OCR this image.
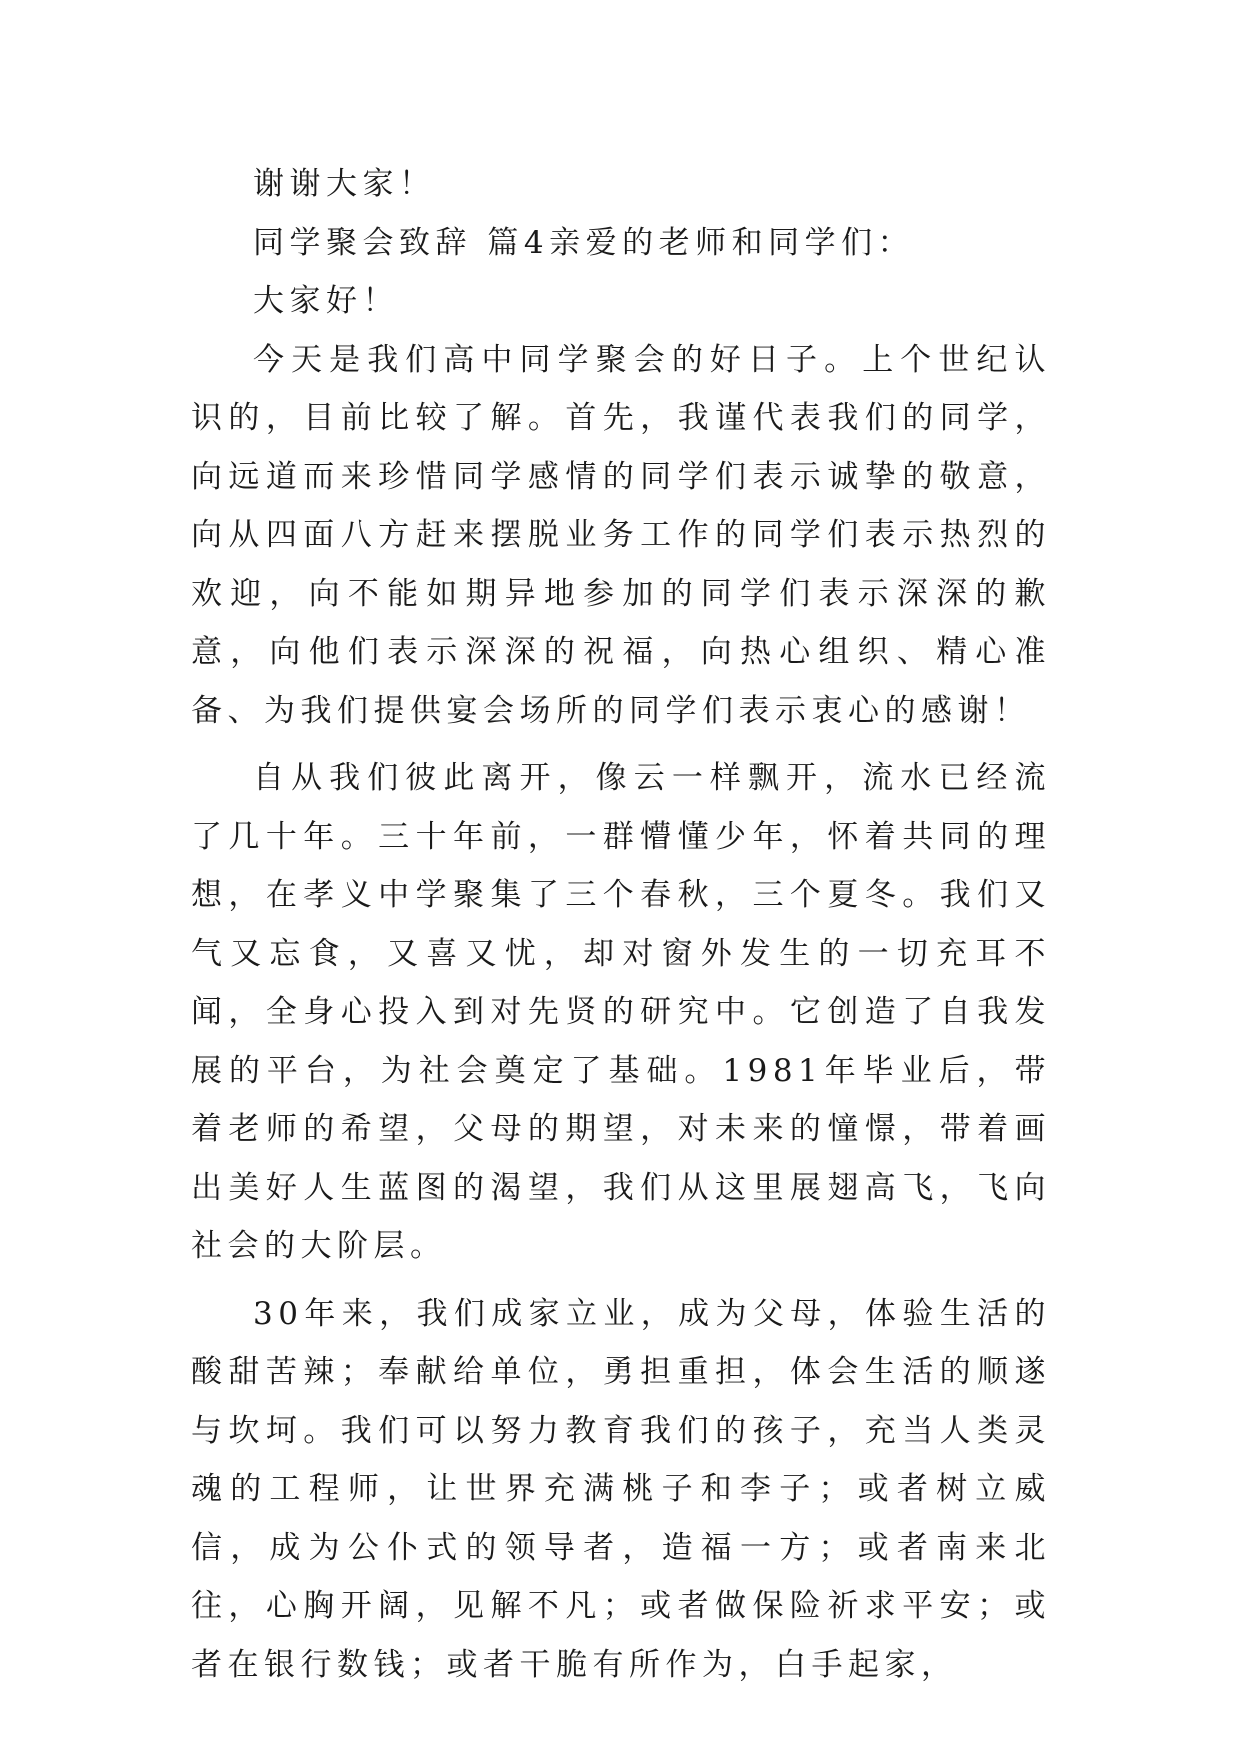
谢谢大家！

同学聚会致辞 篇4亲爱的老师和同学们：

大家好！

今天是我们高中同学聚会的好日子。上个世纪认识的，目前比较了解。首先，我谨代表我们的同学，向远道而来珍惜同学感情的同学们表示诚挚的敬意，向从四面八方赶来摆脱业务工作的同学们表示热烈的欢迎，向不能如期异地参加的同学们表示深深的歉意，向他们表示深深的祝福，向热心组织、精心准备、为我们提供宴会场所的同学们表示衷心的感谢！

自从我们彼此离开，像云一样飘开，流水已经流了几十年。三十年前，一群懵懂少年，怀着共同的理想，在孝义中学聚集了三个春秋，三个夏冬。我们又气又忘食，又喜又忧，却对窗外发生的一切充耳不闻，全身心投入到对先贤的研究中。它创造了自我发展的平台，为社会奠定了基础。1981年毕业后，带着老师的希望，父母的期望，对未来的憧憬，带着画出美好人生蓝图的渴望，我们从这里展翅高飞，飞向社会的大阶层。

30年来，我们成家立业，成为父母，体验生活的酸甜苦辣；奉献给单位，勇担重担，体会生活的顺遂与坎坷。我们可以努力教育我们的孩子，充当人类灵魂的工程师，让世界充满桃子和李子；或者树立威信，成为公仆式的领导者，造福一方；或者南来北往，心胸开阔，见解不凡；或者做保险祈求平安；或者在银行数钱；或者干脆有所作为，白手起家，
